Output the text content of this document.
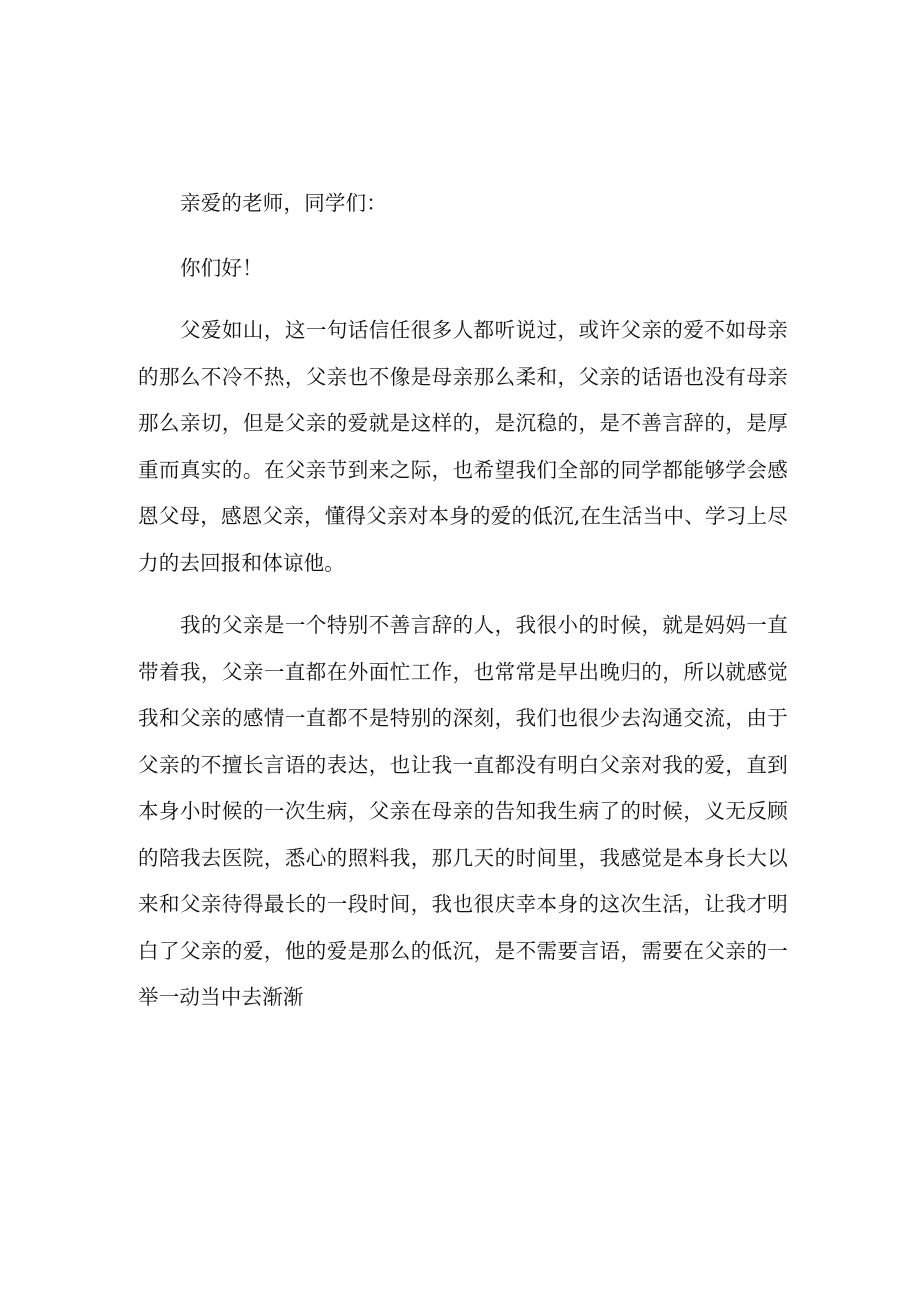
亲爱的老师，同学们：

你们好！

父爱如山，这一句话信任很多人都听说过，或许父亲的爱不如母亲的那么不冷不热，父亲也不像是母亲那么柔和，父亲的话语也没有母亲那么亲切，但是父亲的爱就是这样的，是沉稳的，是不善言辞的，是厚重而真实的。在父亲节到来之际，也希望我们全部的同学都能够学会感恩父母，感恩父亲，懂得父亲对本身的爱的低沉,在生活当中、学习上尽力的去回报和体谅他。

我的父亲是一个特别不善言辞的人，我很小的时候，就是妈妈一直带着我，父亲一直都在外面忙工作，也常常是早出晚归的，所以就感觉我和父亲的感情一直都不是特别的深刻，我们也很少去沟通交流，由于父亲的不擅长言语的表达，也让我一直都没有明白父亲对我的爱，直到本身小时候的一次生病，父亲在母亲的告知我生病了的时候，义无反顾的陪我去医院，悉心的照料我，那几天的时间里，我感觉是本身长大以来和父亲待得最长的一段时间，我也很庆幸本身的这次生活，让我才明白了父亲的爱，他的爱是那么的低沉，是不需要言语，需要在父亲的一举一动当中去渐渐
